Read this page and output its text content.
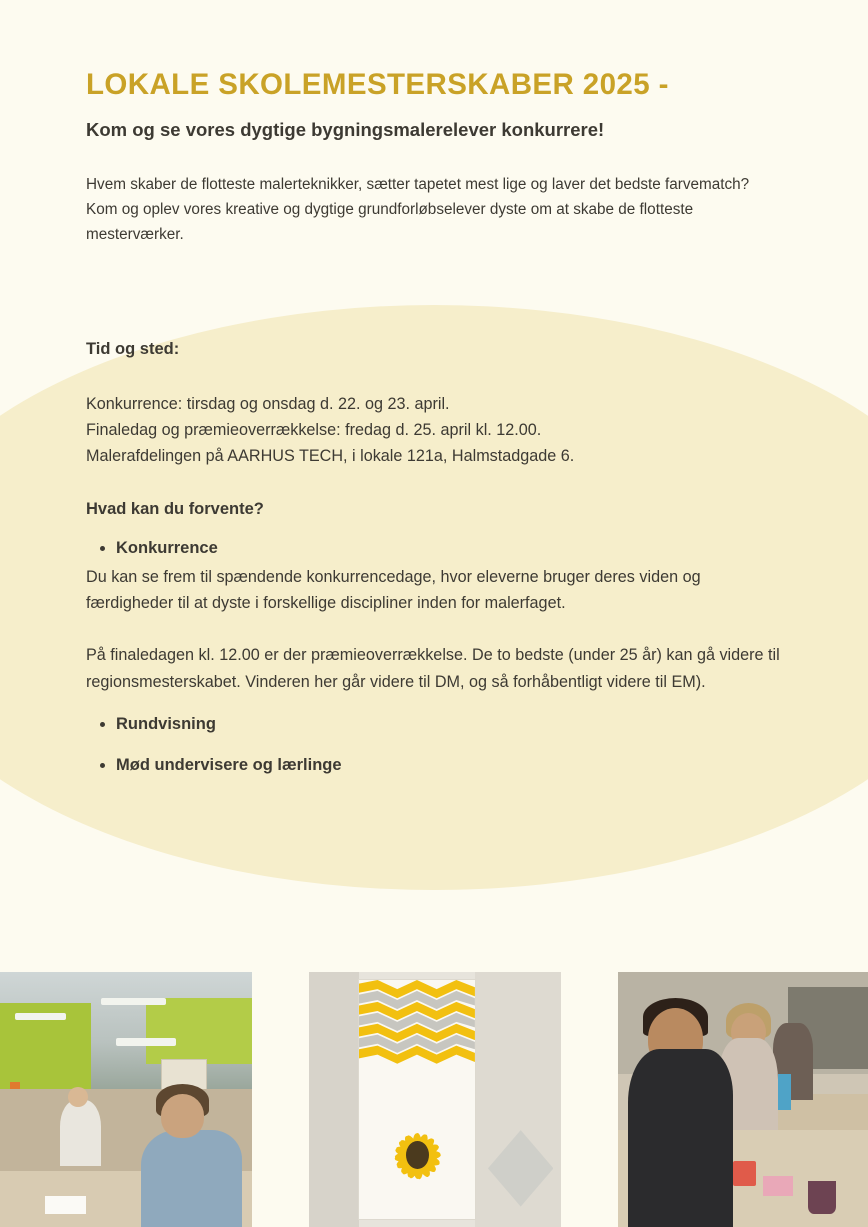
LOKALE SKOLEMESTERSKABER 2025 -

Kom og se vores dygtige bygningsmalerelever konkurrere!

Hvem skaber de flotteste malerteknikker, sætter tapetet mest lige og laver det bedste farvematch? Kom og oplev vores kreative og dygtige grundforløbselever dyste om at skabe de flotteste mesterværker.

Tid og sted:

Konkurrence: tirsdag og onsdag d. 22. og 23. april.
Finaledag og præmieoverrækkelse: fredag d. 25. april kl. 12.00.
Malerafdelingen på AARHUS TECH, i lokale 121a, Halmstadgade 6.

Hvad kan du forvente?

Konkurrence

Du kan se frem til spændende konkurrencedage, hvor eleverne bruger deres viden og færdigheder til at dyste i forskellige discipliner inden for malerfaget.

På finaledagen kl. 12.00 er der præmieoverrækkelse. De to bedste (under 25 år) kan gå videre til regionsmesterskabet. Vinderen her går videre til DM, og så forhåbentligt videre til EM).

Rundvisning
Mød undervisere og lærlinge
